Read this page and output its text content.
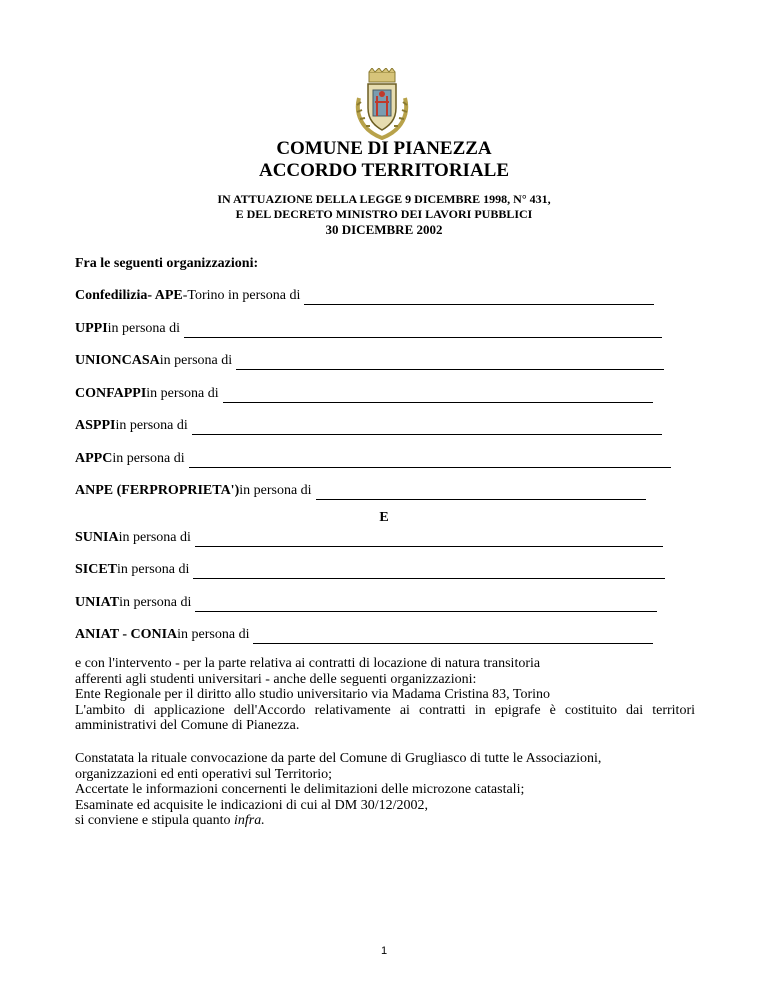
COMUNE DI PIANEZZA
ACCORDO TERRITORIALE
IN ATTUAZIONE DELLA LEGGE 9 DICEMBRE 1998, N° 431,
E DEL DECRETO MINISTRO DEI LAVORI PUBBLICI
30 DICEMBRE 2002
Fra le seguenti organizzazioni:
Confedilizia- APE -Torino in persona di
UPPI in persona di
UNIONCASA in persona di
CONFAPPI in persona di
ASPPI in persona di
APPC in persona di
ANPE (FERPROPRIETA') in persona di
E
SUNIA in persona di
SICET in persona di
UNIAT in persona di
ANIAT - CONIA in persona di
e con l'intervento - per la parte relativa ai contratti di locazione di natura transitoria
afferenti agli studenti universitari - anche delle seguenti organizzazioni:
Ente Regionale per il diritto allo studio universitario via Madama Cristina 83, Torino
L'ambito di applicazione dell'Accordo relativamente ai contratti in epigrafe è costituito dai territori
amministrativi del Comune di Pianezza.
Constatata la rituale convocazione da parte del Comune di Grugliasco di tutte le Associazioni,
organizzazioni ed enti operativi sul Territorio;
Accertate le informazioni concernenti le delimitazioni delle microzone catastali;
Esaminate ed acquisite le indicazioni di cui al DM 30/12/2002,
si conviene e stipula quanto infra.
1
